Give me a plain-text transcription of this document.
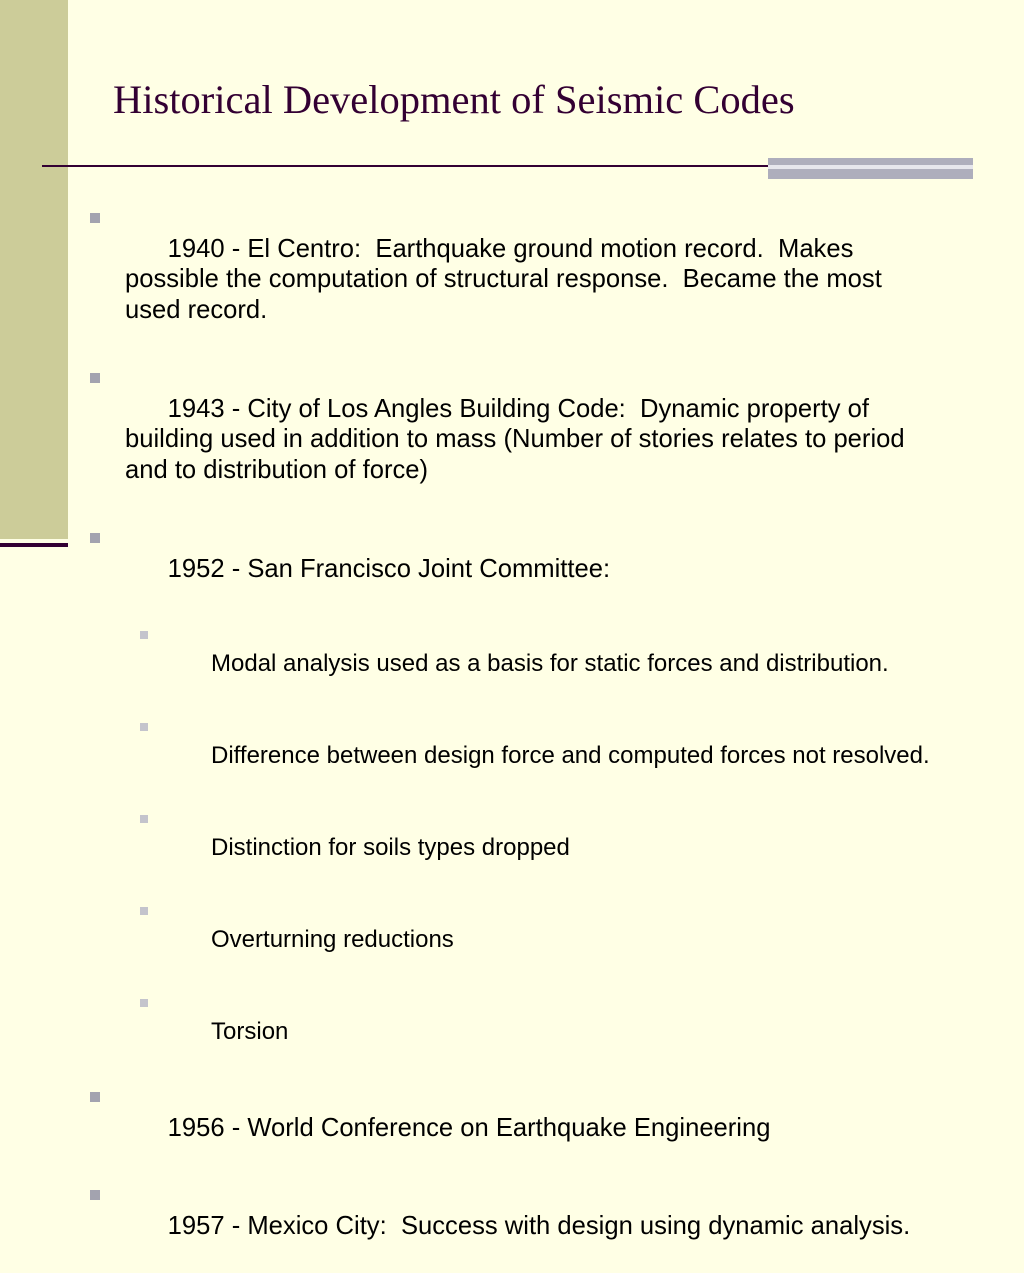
Historical Development of Seismic Codes

1940 - El Centro:  Earthquake ground motion record.  Makes possible the computation of structural response.  Became the most used record.

1943 - City of Los Angles Building Code:  Dynamic property of building used in addition to mass (Number of stories relates to period and to distribution of force)

1952 - San Francisco Joint Committee:

Modal analysis used as a basis for static forces and distribution.

Difference between design force and computed forces not resolved.

Distinction for soils types dropped

Overturning reductions

Torsion

1956 - World Conference on Earthquake Engineering

1957 - Mexico City:  Success with design using dynamic analysis.
